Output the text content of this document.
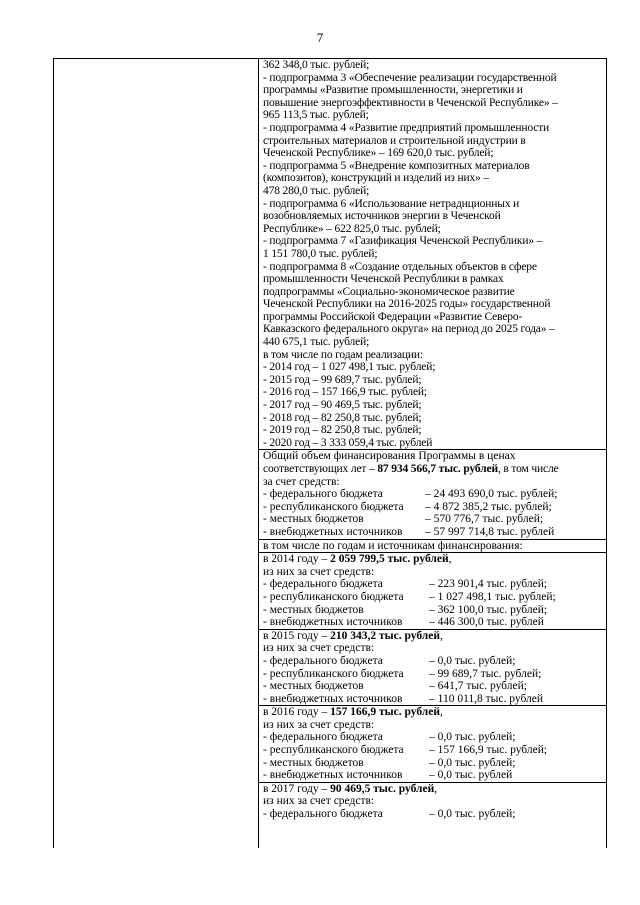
7
362 348,0 тыс. рублей;
- подпрограмма 3 «Обеспечение реализации государственной
программы «Развитие промышленности, энергетики и
повышение энергоэффективности в Чеченской Республике» –
965 113,5 тыс. рублей;
- подпрограмма 4 «Развитие предприятий промышленности
строительных материалов и строительной индустрии в
Чеченской Республике» – 169 620,0 тыс. рублей;
- подпрограмма 5 «Внедрение композитных материалов
(композитов), конструкций и изделий из них» –
478 280,0 тыс. рублей;
- подпрограмма 6 «Использование нетрадиционных и
возобновляемых источников энергии в Чеченской
Республике» – 622 825,0 тыс. рублей;
- подпрограмма 7 «Газификация Чеченской Республики» –
1 151 780,0 тыс. рублей;
- подпрограмма 8 «Создание отдельных объектов в сфере
промышленности Чеченской Республики в рамках
подпрограммы «Социально-экономическое развитие
Чеченской Республики на 2016-2025 годы» государственной
программы Российской Федерации «Развитие Северо-
Кавказского федерального округа» на период до 2025 года» –
440 675,1 тыс. рублей;
в том числе по годам реализации:
- 2014 год – 1 027 498,1 тыс. рублей;
- 2015 год – 99 689,7 тыс. рублей;
- 2016 год – 157 166,9 тыс. рублей;
- 2017 год – 90 469,5 тыс. рублей;
- 2018 год – 82 250,8 тыс. рублей;
- 2019 год – 82 250,8 тыс. рублей;
- 2020 год – 3 333 059,4 тыс. рублей
Общий объем финансирования Программы в ценах
соответствующих лет – 87 934 566,7 тыс. рублей, в том числе
за счет средств:
- федерального бюджета	– 24 493 690,0 тыс. рублей;
- республиканского бюджета	– 4 872 385,2 тыс. рублей;
- местных бюджетов	– 570 776,7 тыс. рублей;
- внебюджетных источников	– 57 997 714,8 тыс. рублей
в том числе по годам и источникам финансирования:
в 2014 году – 2 059 799,5 тыс. рублей,
из них за счет средств:
- федерального бюджета	– 223 901,4 тыс. рублей;
- республиканского бюджета	– 1 027 498,1 тыс. рублей;
- местных бюджетов	– 362 100,0 тыс. рублей;
- внебюджетных источников	– 446 300,0 тыс. рублей
в 2015 году – 210 343,2 тыс. рублей,
из них за счет средств:
- федерального бюджета	– 0,0 тыс. рублей;
- республиканского бюджета	– 99 689,7 тыс. рублей;
- местных бюджетов	– 641,7 тыс. рублей;
- внебюджетных источников	– 110 011,8 тыс. рублей
в 2016 году – 157 166,9 тыс. рублей,
из них за счет средств:
- федерального бюджета	– 0,0 тыс. рублей;
- республиканского бюджета	– 157 166,9 тыс. рублей;
- местных бюджетов	– 0,0 тыс. рублей;
- внебюджетных источников	– 0,0 тыс. рублей
в 2017 году – 90 469,5 тыс. рублей,
из них за счет средств:
- федерального бюджета	– 0,0 тыс. рублей;
